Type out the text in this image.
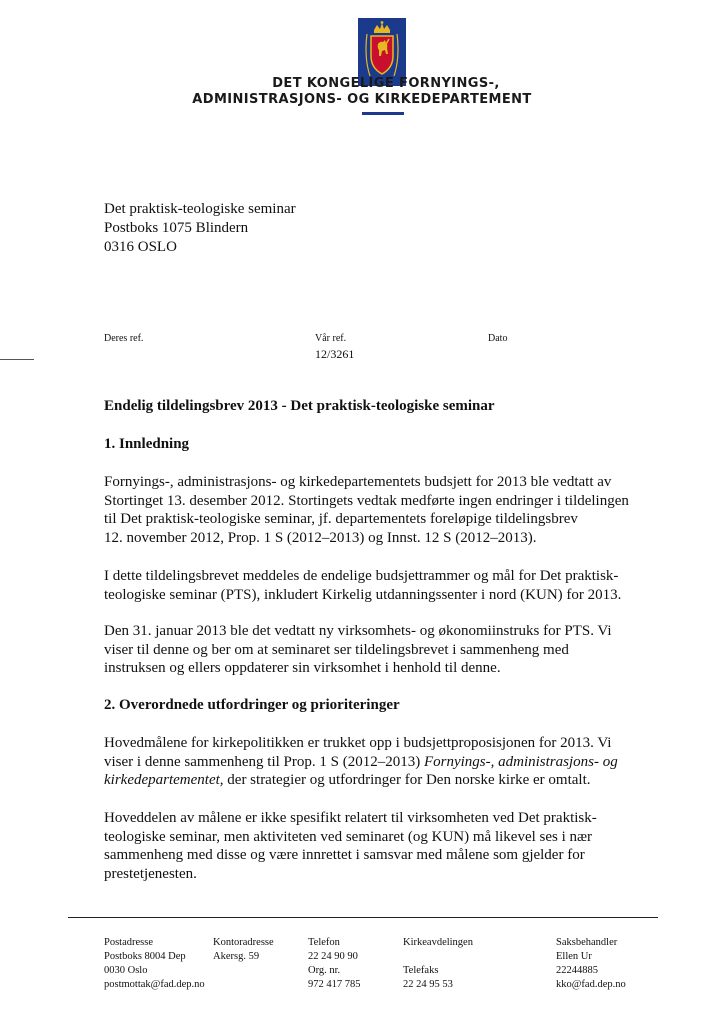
DET KONGELIGE FORNYINGS-,
ADMINISTRASJONS- OG KIRKEDEPARTEMENT
Det praktisk-teologiske seminar
Postboks 1075 Blindern
0316 OSLO
Deres ref.	Vår ref.
12/3261
Dato
Endelig tildelingsbrev 2013 - Det praktisk-teologiske seminar
1. Innledning
Fornyings-, administrasjons- og kirkedepartementets budsjett for 2013 ble vedtatt av
Stortinget 13. desember 2012. Stortingets vedtak medførte ingen endringer i tildelingen
til Det praktisk-teologiske seminar, jf. departementets foreløpige tildelingsbrev
12. november 2012, Prop. 1 S (2012–2013) og Innst. 12 S (2012–2013).
I dette tildelingsbrevet meddeles de endelige budsjettrammer og mål for Det praktisk-
teologiske seminar (PTS), inkludert Kirkelig utdanningssenter i nord (KUN) for 2013.
Den 31. januar 2013 ble det vedtatt ny virksomhets- og økonomiinstruks for PTS. Vi
viser til denne og ber om at seminaret ser tildelingsbrevet i sammenheng med
instruksen og ellers oppdaterer sin virksomhet i henhold til denne.
2. Overordnede utfordringer og prioriteringer
Hovedmålene for kirkepolitikken er trukket opp i budsjettproposisjonen for 2013. Vi
viser i denne sammenheng til Prop. 1 S (2012–2013) Fornyings-, administrasjons- og
kirkedepartementet, der strategier og utfordringer for Den norske kirke er omtalt.
Hoveddelen av målene er ikke spesifikt relatert til virksomheten ved Det praktisk-
teologiske seminar, men aktiviteten ved seminaret (og KUN) må likevel ses i nær
sammenheng med disse og være innrettet i samsvar med målene som gjelder for
prestetjenesten.
Postadresse
Postboks 8004 Dep
0030 Oslo
postmottak@fad.dep.no
Kontoradresse
Akersg. 59
Telefon
22 24 90 90
Org. nr.
972 417 785
Kirkeavdelingen
Telefaks
22 24 95 53
Saksbehandler
Ellen Ur
22244885
kko@fad.dep.no
